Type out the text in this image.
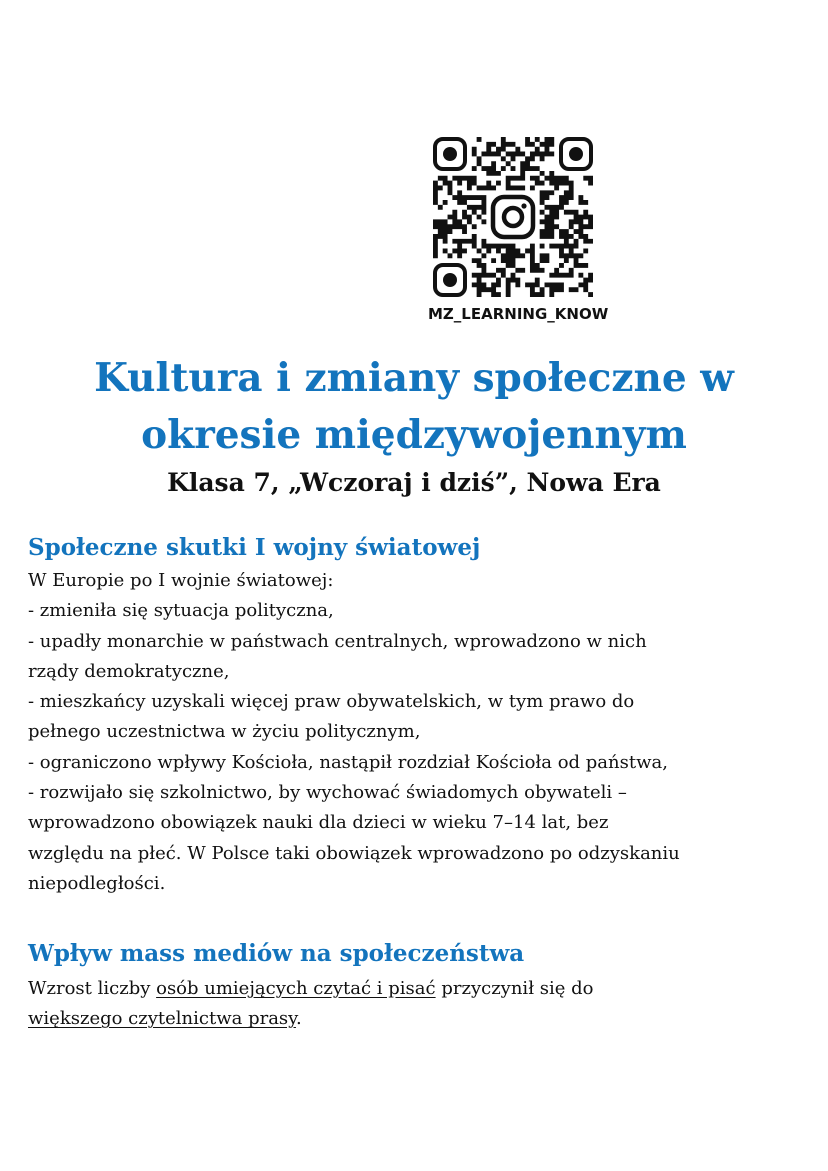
MZ_LEARNING_KNOW
Kultura i zmiany społeczne w
okresie międzywojennym
Klasa 7, „Wczoraj i dziś”, Nowa Era
Społeczne skutki I wojny światowej
W Europie po I wojnie światowej:
- zmieniła się sytuacja polityczna,
- upadły monarchie w państwach centralnych, wprowadzono w nich
rządy demokratyczne,
- mieszkańcy uzyskali więcej praw obywatelskich, w tym prawo do
pełnego uczestnictwa w życiu politycznym,
- ograniczono wpływy Kościoła, nastąpił rozdział Kościoła od państwa,
- rozwijało się szkolnictwo, by wychować świadomych obywateli –
wprowadzono obowiązek nauki dla dzieci w wieku 7–14 lat, bez
względu na płeć. W Polsce taki obowiązek wprowadzono po odzyskaniu
niepodległości.
Wpływ mass mediów na społeczeństwa
Wzrost liczby osób umiejących czytać i pisać przyczynił się do
większego czytelnictwa prasy.
